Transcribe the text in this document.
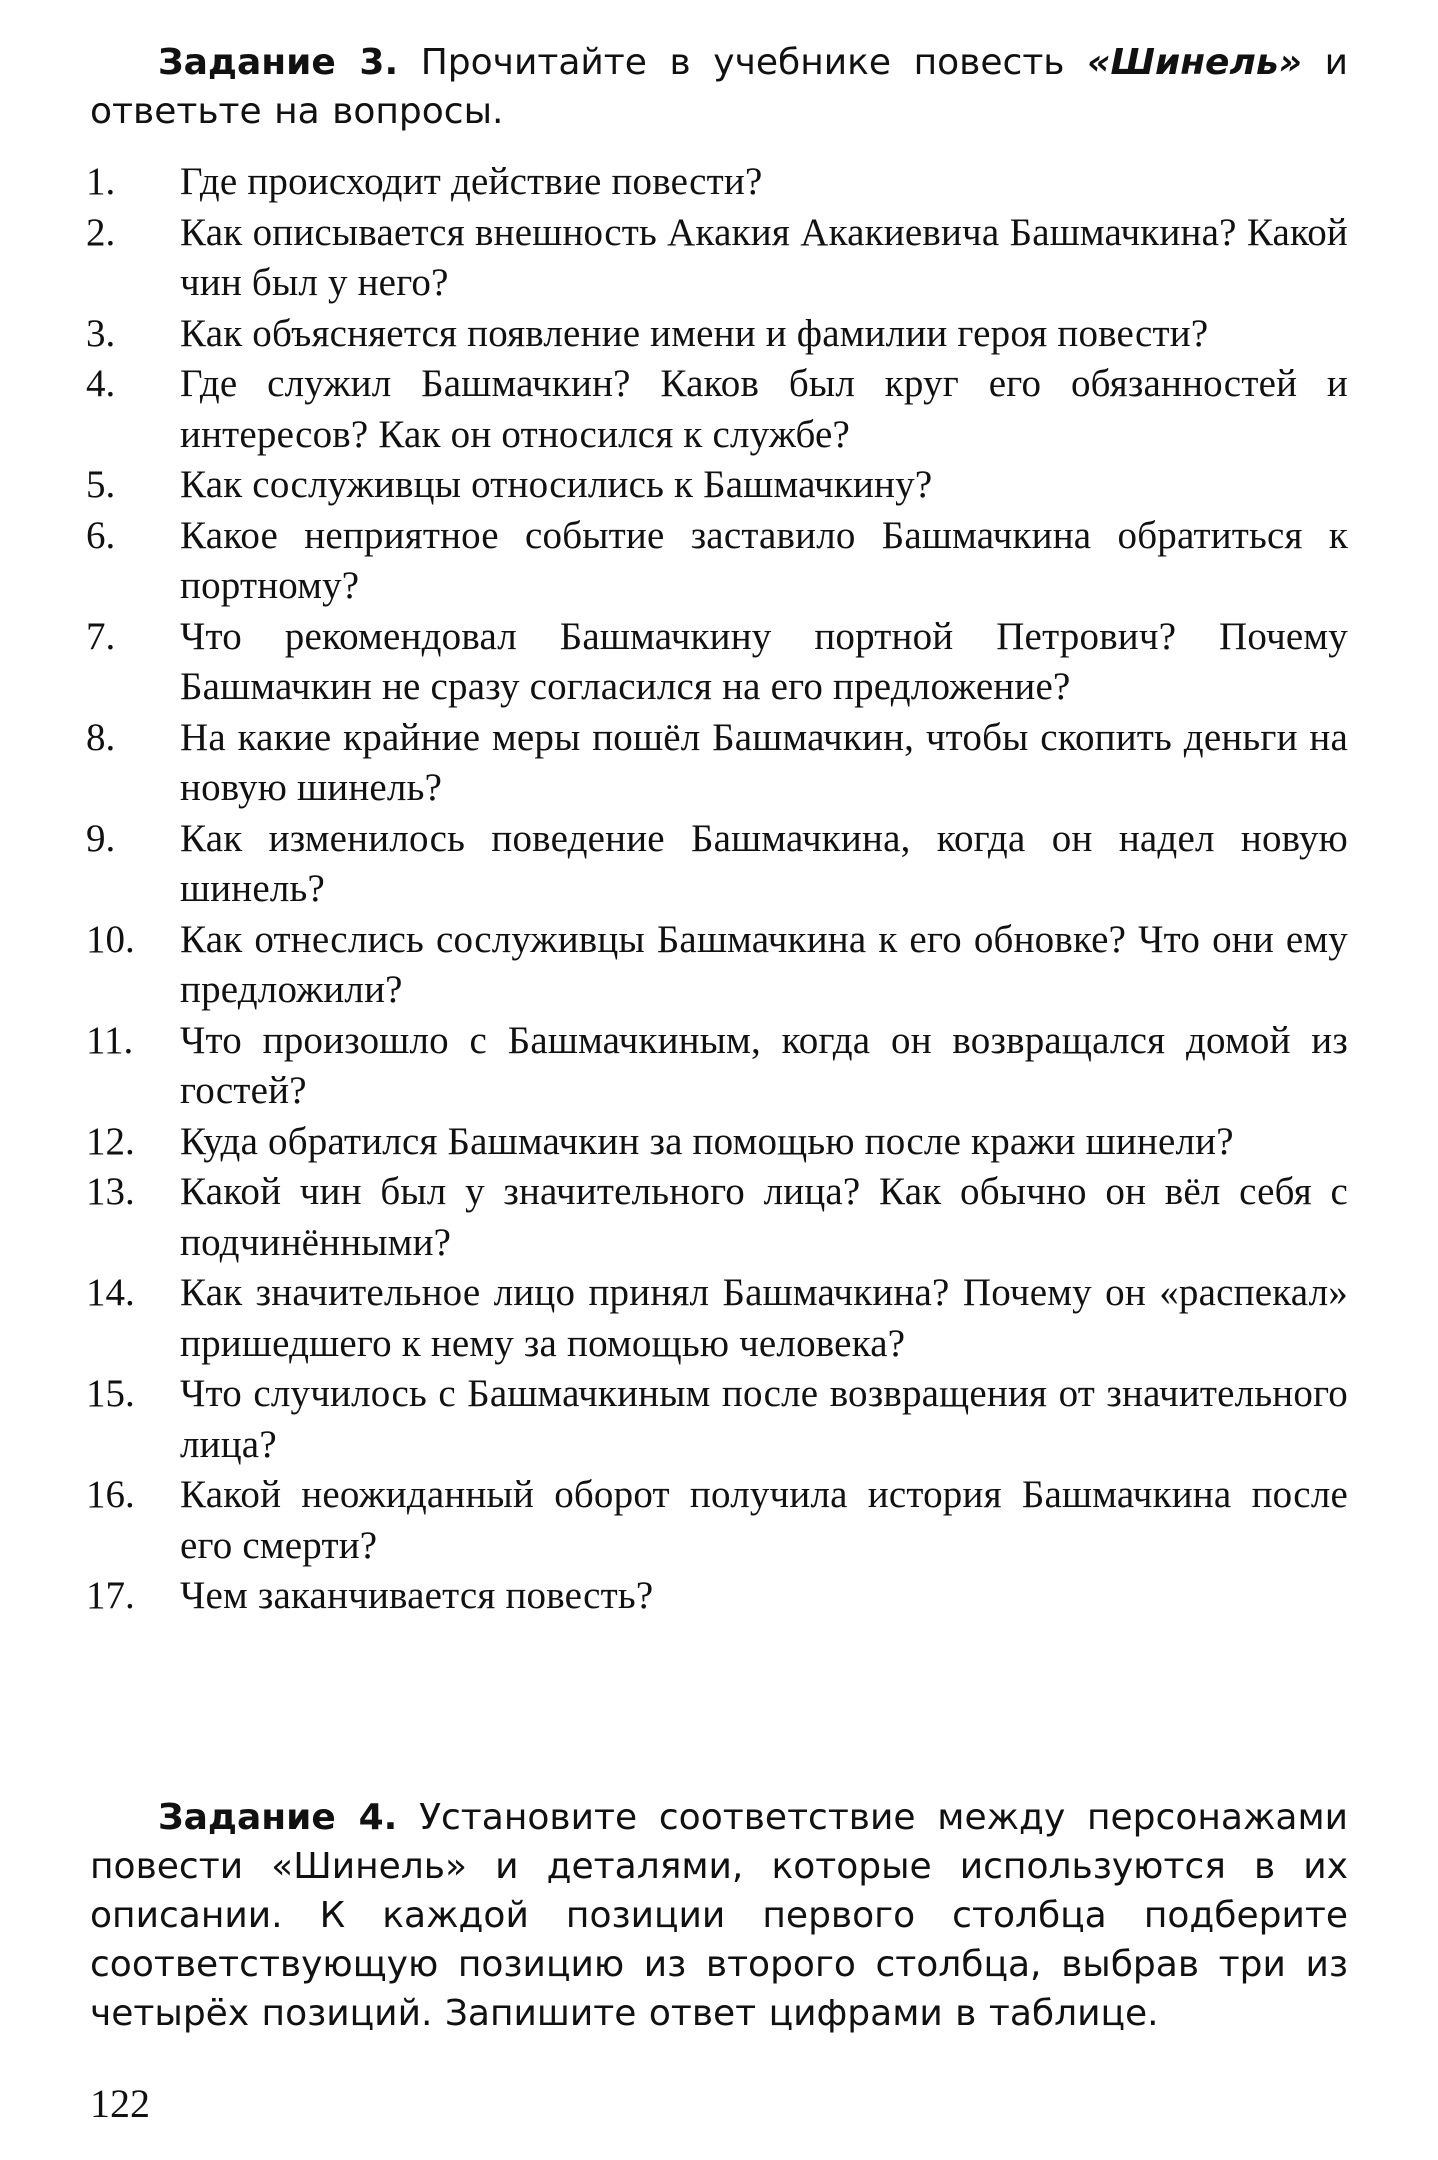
Задание 3. Прочитайте в учебнике повесть «Шинель» и ответьте на вопросы.
1.	Где происходит действие повести?
2.	Как описывается внешность Акакия Акакиевича Башмачкина? Какой чин был у него?
3.	Как объясняется появление имени и фамилии героя повести?
4.	Где служил Башмачкин? Каков был круг его обязанностей и интересов? Как он относился к службе?
5.	Как сослуживцы относились к Башмачкину?
6.	Какое неприятное событие заставило Башмачкина обратиться к портному?
7.	Что рекомендовал Башмачкину портной Петрович? Почему Башмачкин не сразу согласился на его предложение?
8.	На какие крайние меры пошёл Башмачкин, чтобы скопить деньги на новую шинель?
9.	Как изменилось поведение Башмачкина, когда он надел новую шинель?
10.	Как отнеслись сослуживцы Башмачкина к его обновке? Что они ему предложили?
11.	Что произошло с Башмачкиным, когда он возвращался домой из гостей?
12.	Куда обратился Башмачкин за помощью после кражи шинели?
13.	Какой чин был у значительного лица? Как обычно он вёл себя с подчинёнными?
14.	Как значительное лицо принял Башмачкина? Почему он «распекал» пришедшего к нему за помощью человека?
15.	Что случилось с Башмачкиным после возвращения от значительного лица?
16.	Какой неожиданный оборот получила история Башмачкина после его смерти?
17.	Чем заканчивается повесть?
Задание 4. Установите соответствие между персонажами повести «Шинель» и деталями, которые используются в их описании. К каждой позиции первого столбца подберите соответствующую позицию из второго столбца, выбрав три из четырёх позиций. Запишите ответ цифрами в таблице.
122
